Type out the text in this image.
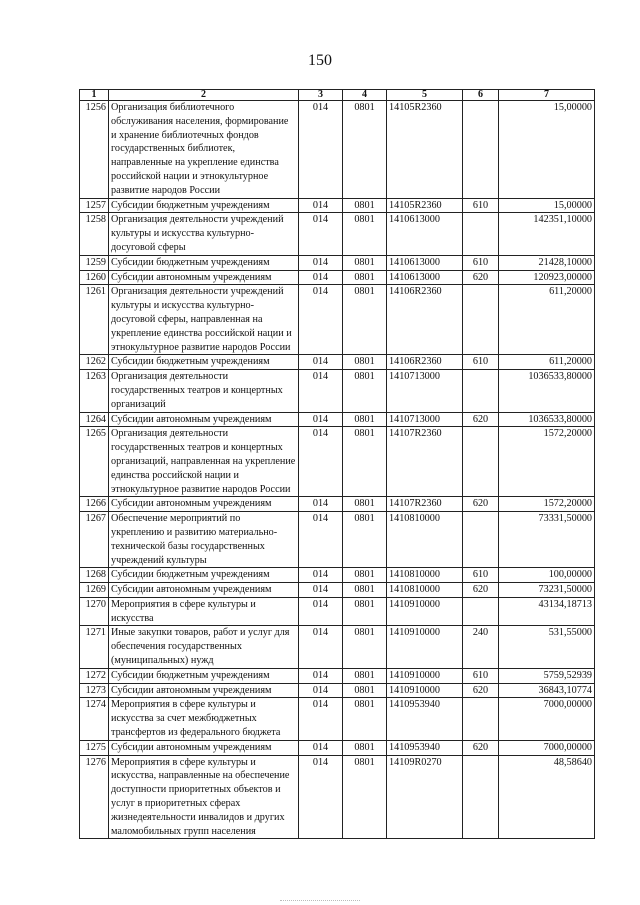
150
1	2	3	4	5	6	7
1256	Организация библиотечного обслуживания населения, формирование и хранение библиотечных фондов государственных библиотек, направленные на укрепление единства российской нации и этнокультурное развитие народов России	014	0801	14105R2360		15,00000
1257	Субсидии бюджетным учреждениям	014	0801	14105R2360	610	15,00000
1258	Организация деятельности учреждений культуры и искусства культурно-досуговой сферы	014	0801	1410613000		142351,10000
1259	Субсидии бюджетным учреждениям	014	0801	1410613000	610	21428,10000
1260	Субсидии автономным учреждениям	014	0801	1410613000	620	120923,00000
1261	Организация деятельности учреждений культуры и искусства культурно-досуговой сферы, направленная на укрепление единства российской нации и этнокультурное развитие народов России	014	0801	14106R2360		611,20000
1262	Субсидии бюджетным учреждениям	014	0801	14106R2360	610	611,20000
1263	Организация деятельности государственных театров и концертных организаций	014	0801	1410713000		1036533,80000
1264	Субсидии автономным учреждениям	014	0801	1410713000	620	1036533,80000
1265	Организация деятельности государственных театров и концертных организаций, направленная на укрепление единства российской нации и этнокультурное развитие народов России	014	0801	14107R2360		1572,20000
1266	Субсидии автономным учреждениям	014	0801	14107R2360	620	1572,20000
1267	Обеспечение мероприятий по укреплению и развитию материально-технической базы государственных учреждений культуры	014	0801	1410810000		73331,50000
1268	Субсидии бюджетным учреждениям	014	0801	1410810000	610	100,00000
1269	Субсидии автономным учреждениям	014	0801	1410810000	620	73231,50000
1270	Мероприятия в сфере культуры и искусства	014	0801	1410910000		43134,18713
1271	Иные закупки товаров, работ и услуг для обеспечения государственных (муниципальных) нужд	014	0801	1410910000	240	531,55000
1272	Субсидии бюджетным учреждениям	014	0801	1410910000	610	5759,52939
1273	Субсидии автономным учреждениям	014	0801	1410910000	620	36843,10774
1274	Мероприятия в сфере культуры и искусства за счет межбюджетных трансфертов из федерального бюджета	014	0801	1410953940		7000,00000
1275	Субсидии автономным учреждениям	014	0801	1410953940	620	7000,00000
1276	Мероприятия в сфере культуры и искусства, направленные на обеспечение доступности приоритетных объектов и услуг в приоритетных сферах жизнедеятельности инвалидов и других маломобильных групп населения	014	0801	14109R0270		48,58640
